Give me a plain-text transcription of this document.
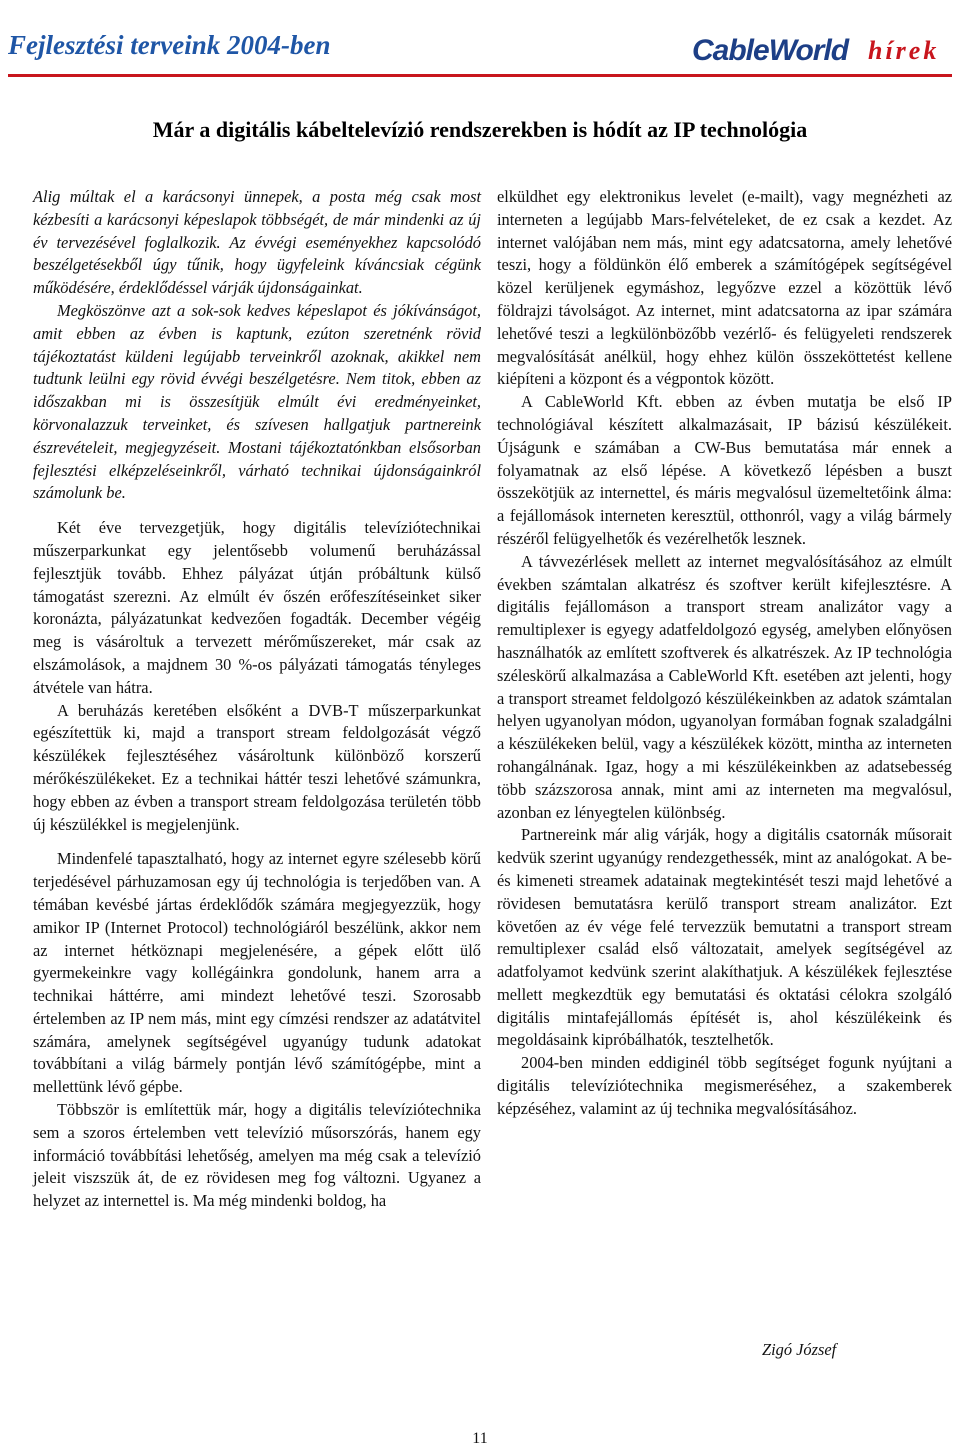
Fejlesztési terveink 2004-ben	CableWorld hírek
Már a digitális kábeltelevízió rendszerekben is hódít az IP technológia

Alig múltak el a karácsonyi ünnepek, a posta még csak most kézbesíti a karácsonyi képeslapok többségét, de már mindenki az új év tervezésével foglalkozik. Az évvégi eseményekhez kapcsolódó beszélgetésekből úgy tűnik, hogy ügyfeleink kíváncsiak cégünk működésére, érdeklődéssel várják újdonságainkat.

Megköszönve azt a sok-sok kedves képeslapot és jókívánságot, amit ebben az évben is kaptunk, ezúton szeretnénk rövid tájékoztatást küldeni legújabb terveinkről azoknak, akikkel nem tudtunk leülni egy rövid évvégi beszélgetésre. Nem titok, ebben az időszakban mi is összesítjük elmúlt évi eredményeinket, körvonalazzuk terveinket, és szívesen hallgatjuk partnereink észrevételeit, megjegyzéseit. Mostani tájékoztatónkban elsősorban fejlesztési elképzeléseinkről, várható technikai újdonságainkról számolunk be.

Két éve tervezgetjük, hogy digitális televíziótechnikai műszerparkunkat egy jelentősebb volumenű beruházással fejlesztjük tovább. Ehhez pályázat útján próbáltunk külső támogatást szerezni. Az elmúlt év őszén erőfeszítéseinket siker koronázta, pályázatunkat kedvezően fogadták. December végéig meg is vásároltuk a tervezett mérőműszereket, már csak az elszámolások, a majdnem 30 %-os pályázati támogatás tényleges átvétele van hátra.

A beruházás keretében elsőként a DVB-T műszerparkunkat egészítettük ki, majd a transport stream feldolgozását végző készülékek fejlesztéséhez vásároltunk különböző korszerű mérőkészülékeket. Ez a technikai háttér teszi lehetővé számunkra, hogy ebben az évben a transport stream feldolgozása területén több új készülékkel is megjelenjünk.

Mindenfelé tapasztalható, hogy az internet egyre szélesebb körű terjedésével párhuzamosan egy új technológia is terjedőben van. A témában kevésbé jártas érdeklődők számára megjegyezzük, hogy amikor IP (Internet Protocol) technológiáról beszélünk, akkor nem az internet hétköznapi megjelenésére, a gépek előtt ülő gyermekeinkre vagy kollégáinkra gondolunk, hanem arra a technikai háttérre, ami mindezt lehetővé teszi. Szorosabb értelemben az IP nem más, mint egy címzési rendszer az adatátvitel számára, amelynek segítségével ugyanúgy tudunk adatokat továbbítani a világ bármely pontján lévő számítógépbe, mint a mellettünk lévő gépbe.

Többször is említettük már, hogy a digitális televíziótechnika sem a szoros értelemben vett televízió műsorszórás, hanem egy információ továbbítási lehetőség, amelyen ma még csak a televízió jeleit viszszük át, de ez rövidesen meg fog változni. Ugyanez a helyzet az internettel is. Ma még mindenki boldog, ha

elküldhet egy elektronikus levelet (e-mailt), vagy megnézheti az interneten a legújabb Mars-felvételeket, de ez csak a kezdet. Az internet valójában nem más, mint egy adatcsatorna, amely lehetővé teszi, hogy a földünkön élő emberek a számítógépek segítségével közel kerüljenek egymáshoz, legyőzve ezzel a közöttük lévő földrajzi távolságot. Az internet, mint adatcsatorna az ipar számára lehetővé teszi a legkülönbözőbb vezérlő- és felügyeleti rendszerek megvalósítását anélkül, hogy ehhez külön összeköttetést kellene kiépíteni a központ és a végpontok között.

A CableWorld Kft. ebben az évben mutatja be első IP technológiával készített alkalmazásait, IP bázisú készülékeit. Újságunk e számában a CW-Bus bemutatása már ennek a folyamatnak az első lépése. A következő lépésben a buszt összekötjük az internettel, és máris megvalósul üzemeltetőink álma: a fejállomások interneten keresztül, otthonról, vagy a világ bármely részéről felügyelhetők és vezérelhetők lesznek.

A távvezérlések mellett az internet megvalósításához az elmúlt években számtalan alkatrész és szoftver került kifejlesztésre. A digitális fejállomáson a transport stream analizátor vagy a remultiplexer is egyegy adatfeldolgozó egység, amelyben előnyösen használhatók az említett szoftverek és alkatrészek. Az IP technológia széleskörű alkalmazása a CableWorld Kft. esetében azt jelenti, hogy a transport streamet feldolgozó készülékeinkben az adatok számtalan helyen ugyanolyan módon, ugyanolyan formában fognak szaladgálni a készülékeken belül, vagy a készülékek között, mintha az interneten rohangálnának. Igaz, hogy a mi készülékeinkben az adatsebesség több százszorosa annak, mint ami az interneten ma megvalósul, azonban ez lényegtelen különbség.

Partnereink már alig várják, hogy a digitális csatornák műsorait kedvük szerint ugyanúgy rendezgethessék, mint az analógokat. A be- és kimeneti streamek adatainak megtekintését teszi majd lehetővé a rövidesen bemutatásra kerülő transport stream analizátor. Ezt követően az év vége felé tervezzük bemutatni a transport stream remultiplexer család első változatait, amelyek segítségével az adatfolyamot kedvünk szerint alakíthatjuk. A készülékek fejlesztése mellett megkezdtük egy bemutatási és oktatási célokra szolgáló digitális mintafejállomás építését is, ahol készülékeink és megoldásaink kipróbálhatók, tesztelhetők.

2004-ben minden eddiginél több segítséget fogunk nyújtani a digitális televíziótechnika megismeréséhez, a szakemberek képzéséhez, valamint az új technika megvalósításához.

Zigó József
11
